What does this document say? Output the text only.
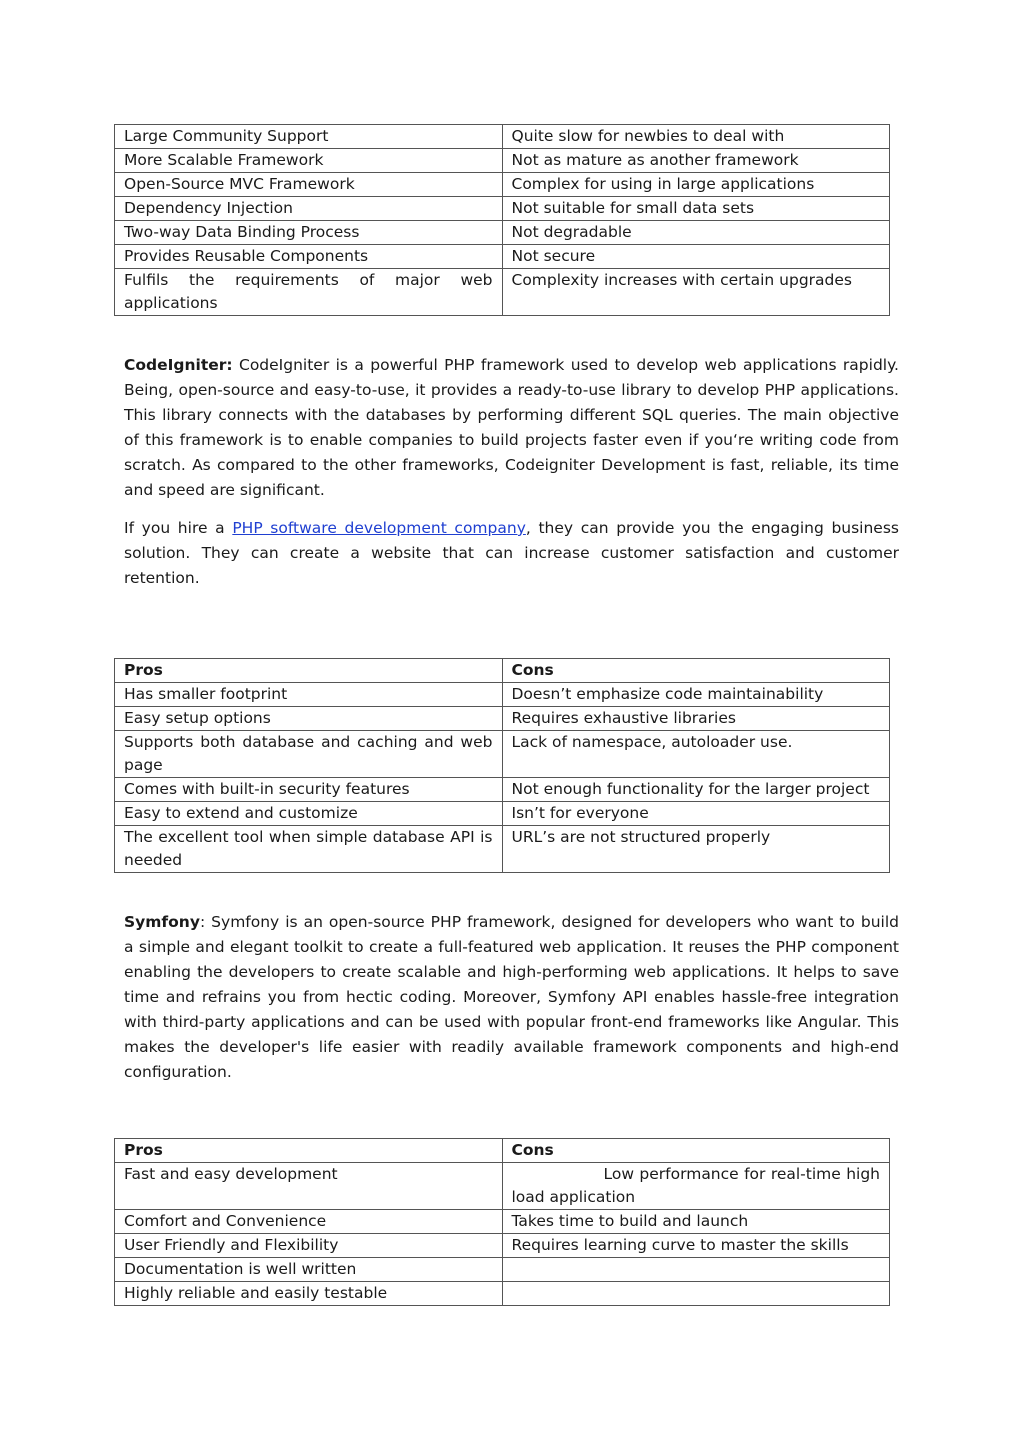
Large Community Support	Quite slow for newbies to deal with
More Scalable Framework	Not as mature as another framework
Open-Source MVC Framework	Complex for using in large applications
Dependency Injection	Not suitable for small data sets
Two-way Data Binding Process	Not degradable
Provides Reusable Components	Not secure
Fulfils the requirements of major web applications	Complexity increases with certain upgrades

CodeIgniter: CodeIgniter is a powerful PHP framework used to develop web applications rapidly. Being, open-source and easy-to-use, it provides a ready-to-use library to develop PHP applications. This library connects with the databases by performing different SQL queries. The main objective of this framework is to enable companies to build projects faster even if you‘re writing code from scratch. As compared to the other frameworks, Codeigniter Development is fast, reliable, its time and speed are significant.

If you hire a PHP software development company, they can provide you the engaging business solution. They can create a website that can increase customer satisfaction and customer retention.

Pros	Cons
Has smaller footprint	Doesn’t emphasize code maintainability
Easy setup options	Requires exhaustive libraries
Supports both database and caching and web page	Lack of namespace, autoloader use.
Comes with built-in security features	Not enough functionality for the larger project
Easy to extend and customize	Isn’t for everyone
The excellent tool when simple database API is needed	URL’s are not structured properly

Symfony: Symfony is an open-source PHP framework, designed for developers who want to build a simple and elegant toolkit to create a full-featured web application. It reuses the PHP component enabling the developers to create scalable and high-performing web applications. It helps to save time and refrains you from hectic coding. Moreover, Symfony API enables hassle-free integration with third-party applications and can be used with popular front-end frameworks like Angular. This makes the developer's life easier with readily available framework components and high-end configuration.

Pros	Cons
Fast and easy development	Low performance for real-time high load application
Comfort and Convenience	Takes time to build and launch
User Friendly and Flexibility	Requires learning curve to master the skills
Documentation is well written	
Highly reliable and easily testable	
